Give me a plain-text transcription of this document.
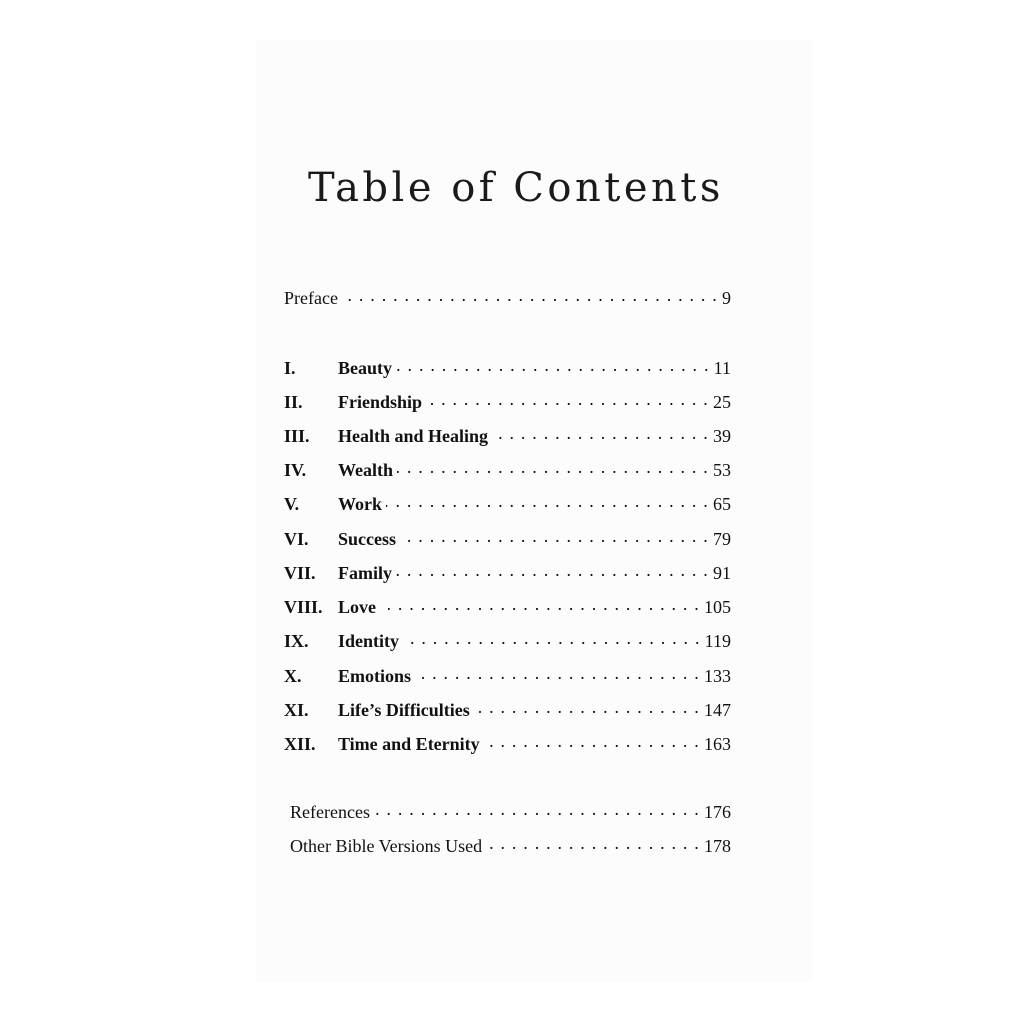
Table of Contents
Preface . . .	9
I.	Beauty . . .	11
II.	Friendship . . .	25
III.	Health and Healing . . .	39
IV.	Wealth . . .	53
V.	Work . . .	65
VI.	Success . . .	79
VII.	Family . . .	91
VIII. Love . . .	105
IX.	Identity . . .	119
X.	Emotions . . .	133
XI.	Life’s Difficulties . . .	147
XII.	Time and Eternity . . .	163
References . . .	176
Other Bible Versions Used . . .	178
